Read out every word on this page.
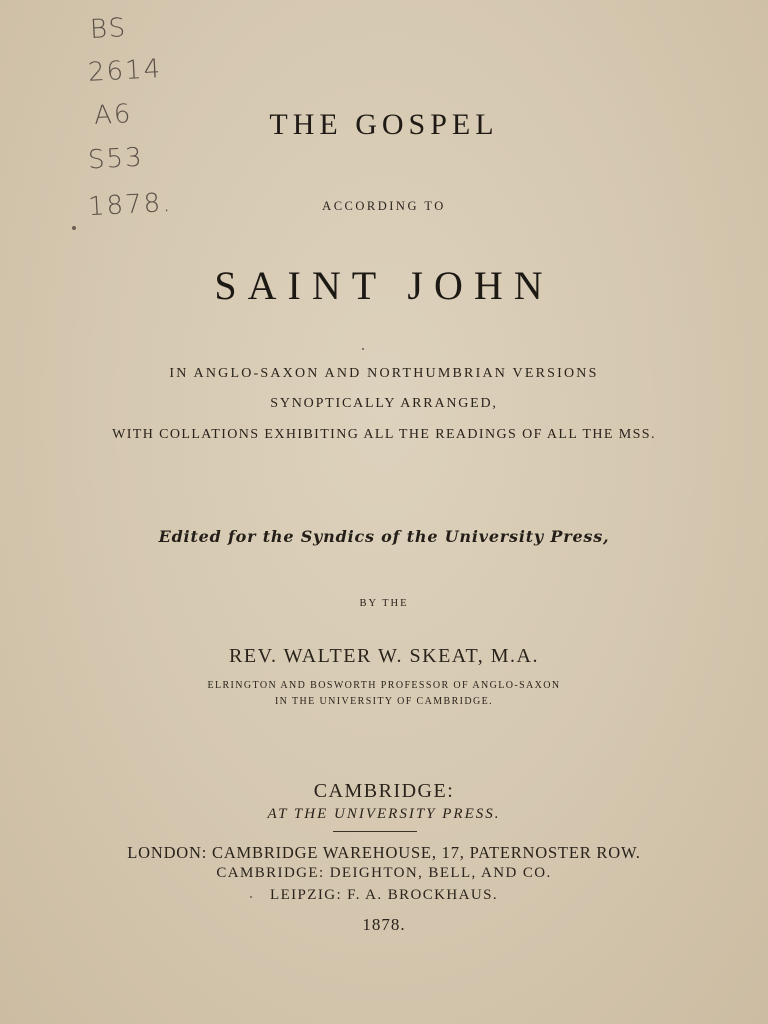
BS
2614
A6
S53
1878.
THE GOSPEL
ACCORDING TO
SAINT JOHN
IN ANGLO-SAXON AND NORTHUMBRIAN VERSIONS
SYNOPTICALLY ARRANGED,
WITH COLLATIONS EXHIBITING ALL THE READINGS OF ALL THE MSS.
Edited for the Syndics of the University Press,
BY THE
REV. WALTER W. SKEAT, M.A.
ELRINGTON AND BOSWORTH PROFESSOR OF ANGLO-SAXON
IN THE UNIVERSITY OF CAMBRIDGE.
CAMBRIDGE:
AT THE UNIVERSITY PRESS.
LONDON: CAMBRIDGE WAREHOUSE, 17, PATERNOSTER ROW.
CAMBRIDGE: DEIGHTON, BELL, AND CO.
LEIPZIG: F. A. BROCKHAUS.
1878.
